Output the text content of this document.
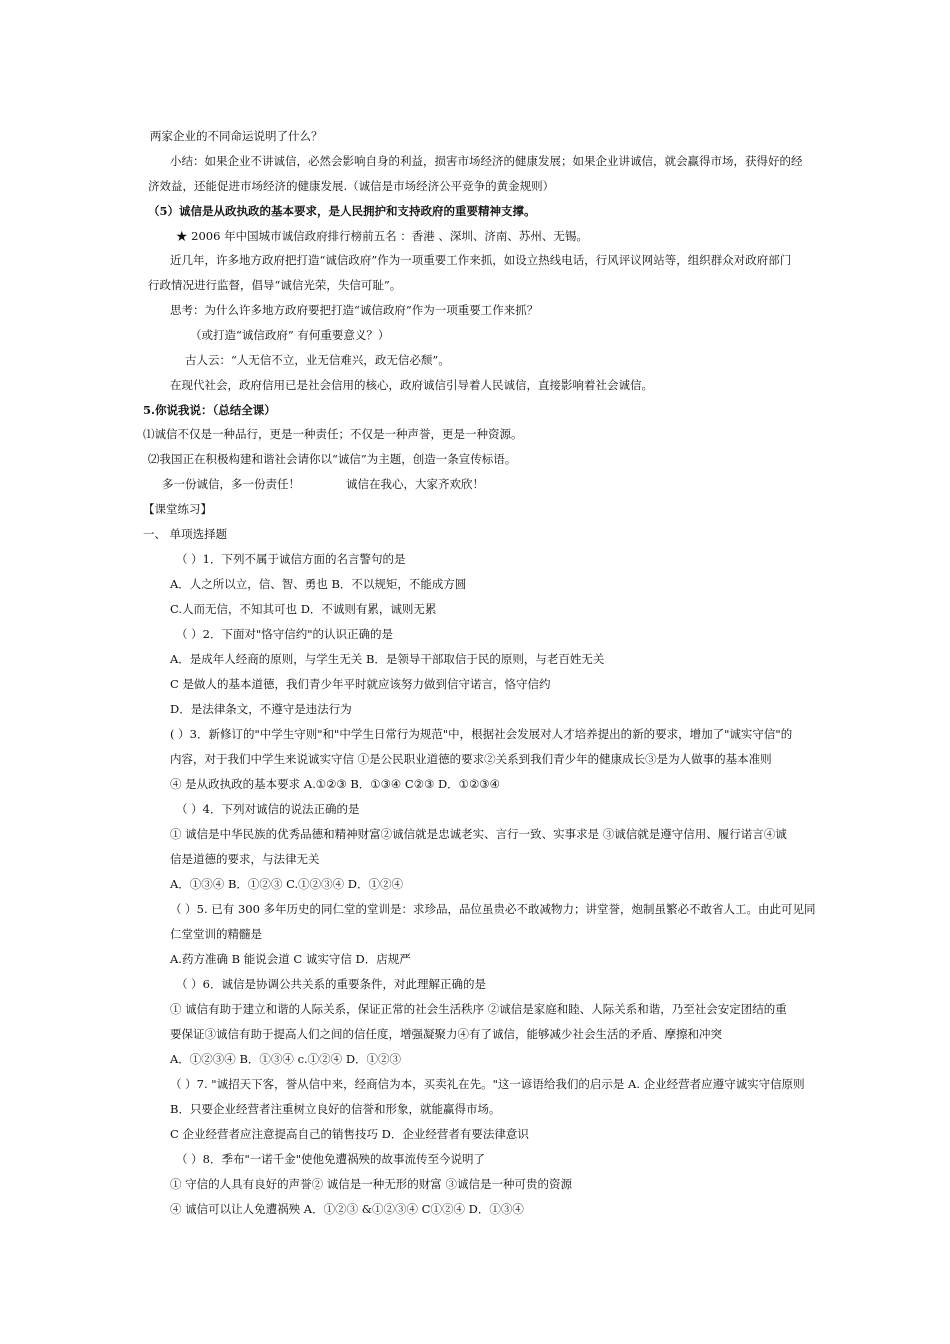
两家企业的不同命运说明了什么？
小结：如果企业不讲诚信，必然会影响自身的利益，损害市场经济的健康发展；如果企业讲诚信，就会赢得市场，获得好的经
济效益，还能促进市场经济的健康发展.（诚信是市场经济公平竞争的黄金规则）
（5）诚信是从政执政的基本要求，是人民拥护和支持政府的重要精神支撑。
★ 2006 年中国城市诚信政府排行榜前五名 ：香港 、深圳、济南、苏州、无锡。
近几年，许多地方政府把打造“诚信政府”作为一项重要工作来抓，如设立热线电话，行风评议网站等，组织群众对政府部门
行政情况进行监督，倡导“诚信光荣，失信可耻”。
思考：为什么许多地方政府要把打造“诚信政府”作为一项重要工作来抓？
（或打造“诚信政府” 有何重要意义？）
古人云：“人无信不立，业无信难兴，政无信必颓”。
在现代社会，政府信用已是社会信用的核心，政府诚信引导着人民诚信，直接影响着社会诚信。
5.你说我说：（总结全课）
⑴诚信不仅是一种品行，更是一种责任；不仅是一种声誉，更是一种资源。
⑵我国正在积极构建和谐社会请你以“诚信”为主题，创造一条宣传标语。
多一份诚信，多一份责任！	诚信在我心，大家齐欢欣！
【课堂练习】
一、 单项选择题
（ ）1．下列不属于诚信方面的名言警句的是
A．人之所以立，信、智、勇也 B．不以规矩，不能成方圆
C.人而无信，不知其可也 D．不诚则有累，诚则无累
（ ）2．下面对"恪守信约"的认识正确的是
A．是成年人经商的原则，与学生无关 B．是领导干部取信于民的原则，与老百姓无关
C 是做人的基本道德，我们青少年平时就应该努力做到信守诺言，恪守信约
D．是法律条文，不遵守是违法行为
( ）3．新修订的"中学生守则"和"中学生日常行为规范"中，根据社会发展对人才培养提出的新的要求，增加了"诚实守信"的
内容，对于我们中学生来说诚实守信 ①是公民职业道德的要求②关系到我们青少年的健康成长③是为人做事的基本准则
④ 是从政执政的基本要求 A.①②③ B．①③④ C②③ D．①②③④
（ ）4．下列对诚信的说法正确的是
① 诚信是中华民族的优秀品德和精神财富②诚信就是忠诚老实、言行一致、实事求是 ③诚信就是遵守信用、履行诺言④诚
信是道德的要求，与法律无关
A．①③④ B．①②③ C.①②③④ D．①②④
（ ）5. 已有 300 多年历史的同仁堂的堂训是：求珍品，品位虽贵必不敢减物力；讲堂誉，炮制虽繁必不敢省人工。由此可见同
仁堂堂训的精髓是
A.药方准确 B 能说会道 C 诚实守信 D．店规严
（ ）6．诚信是协调公共关系的重要条件，对此理解正确的是
① 诚信有助于建立和谐的人际关系，保证正常的社会生活秩序 ②诚信是家庭和睦、人际关系和谐，乃至社会安定团结的重
要保证③诚信有助于提高人们之间的信任度，增强凝聚力④有了诚信，能够减少社会生活的矛盾、摩擦和冲突
A．①②③④ B．①③④ c.①②④ D．①②③
（ ）7. "诚招天下客，誉从信中来，经商信为本，买卖礼在先。"这一谚语给我们的启示是 A. 企业经营者应遵守诚实守信原则
B．只要企业经营者注重树立良好的信誉和形象，就能赢得市场。
C 企业经营者应注意提高自己的销售技巧 D．企业经营者有要法律意识
（ ）8．季布"一诺千金"使他免遭祸殃的故事流传至今说明了
① 守信的人具有良好的声誉② 诚信是一种无形的财富 ③诚信是一种可贵的资源
④ 诚信可以让人免遭祸殃 A．①②③ &①②③④ C①②④ D．①③④
